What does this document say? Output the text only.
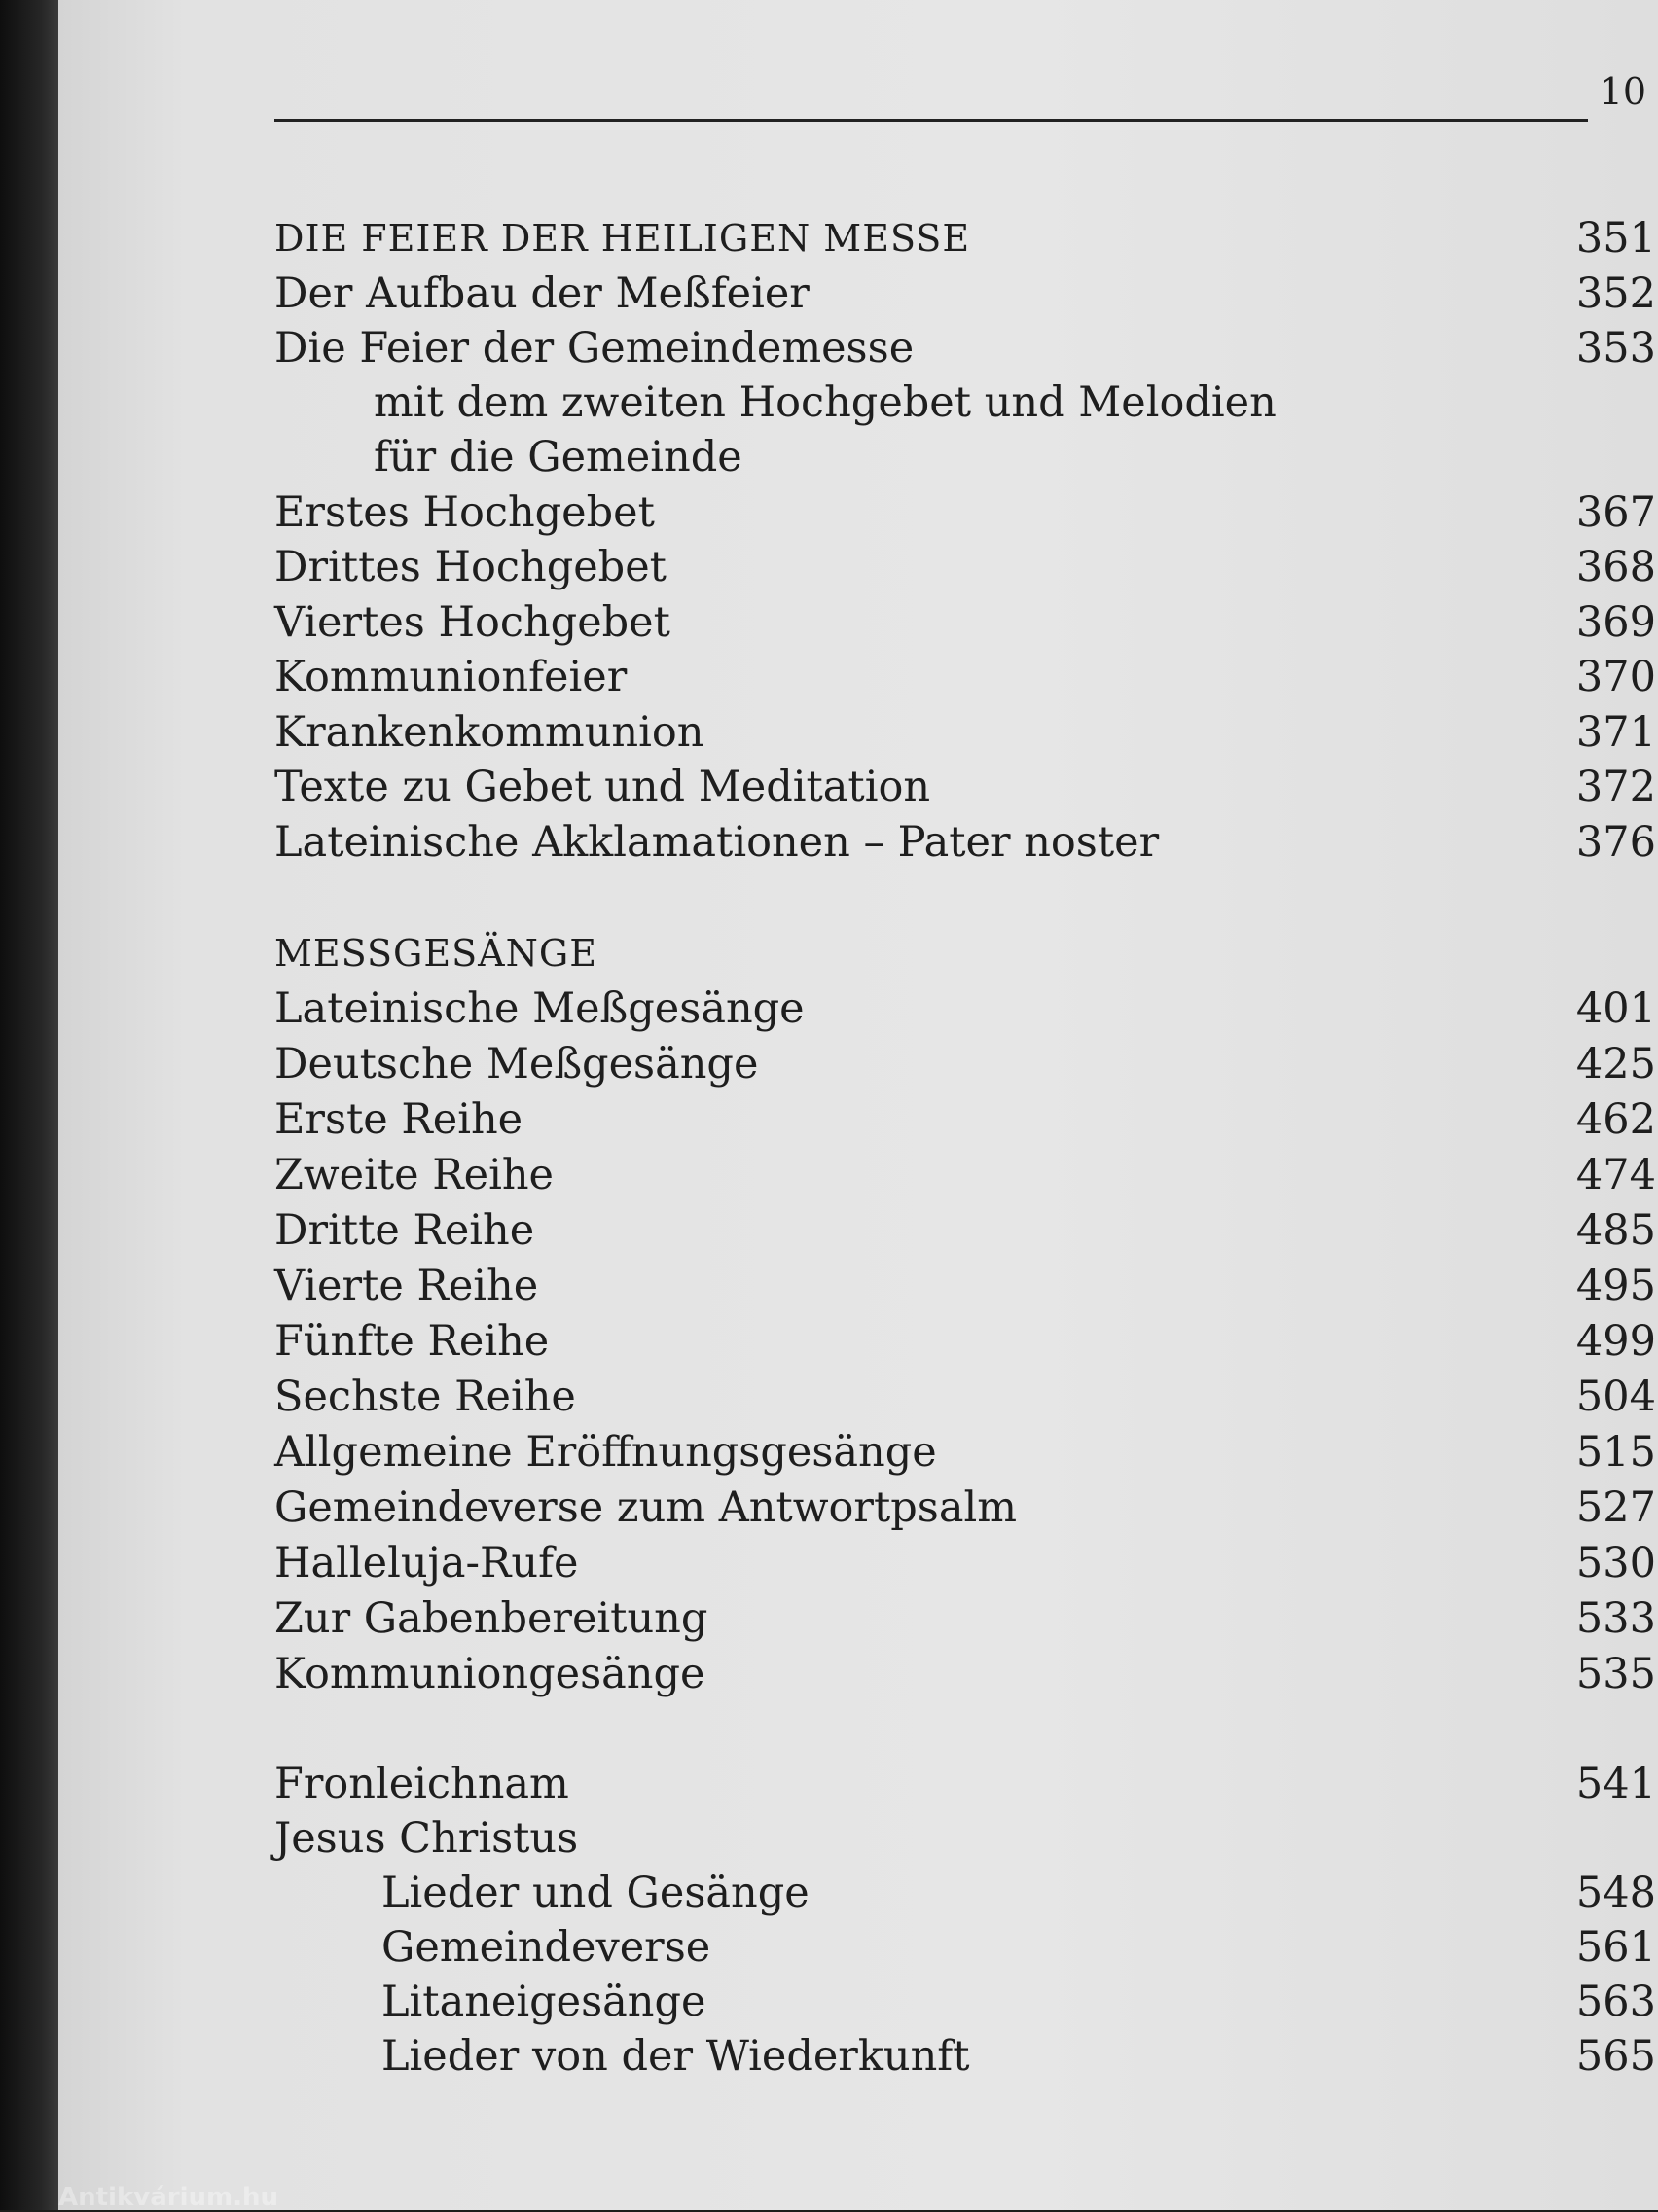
10
DIE FEIER DER HEILIGEN MESSE	351
Der Aufbau der Meßfeier	352
Die Feier der Gemeindemesse	353
mit dem zweiten Hochgebet und Melodien
für die Gemeinde
Erstes Hochgebet	367
Drittes Hochgebet	368
Viertes Hochgebet	369
Kommunionfeier	370
Krankenkommunion	371
Texte zu Gebet und Meditation	372
Lateinische Akklamationen – Pater noster	376
MESSGESÄNGE
Lateinische Meßgesänge	401
Deutsche Meßgesänge	425
Erste Reihe	462
Zweite Reihe	474
Dritte Reihe	485
Vierte Reihe	495
Fünfte Reihe	499
Sechste Reihe	504
Allgemeine Eröffnungsgesänge	515
Gemeindeverse zum Antwortpsalm	527
Halleluja-Rufe	530
Zur Gabenbereitung	533
Kommuniongesänge	535
Fronleichnam	541
Jesus Christus
Lieder und Gesänge	548
Gemeindeverse	561
Litaneigesänge	563
Lieder von der Wiederkunft	565
Antikvárium.hu
